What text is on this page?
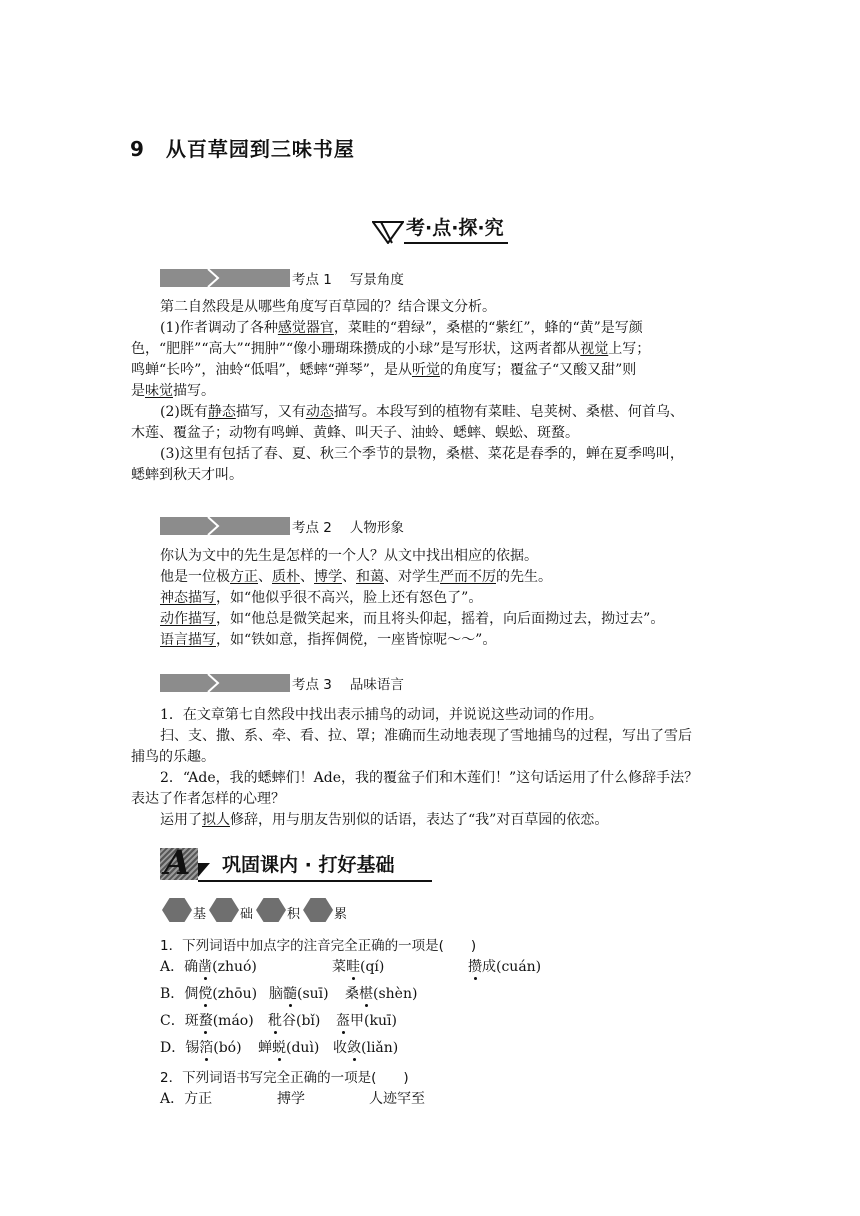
9　从百草园到三味书屋
考·点·探·究
考点 1 写景角度
第二自然段是从哪些角度写百草园的？结合课文分析。
(1)作者调动了各种感觉器官，菜畦的“碧绿”，桑椹的“紫红”，蜂的“黄”是写颜
色，“肥胖”“高大”“拥肿”“像小珊瑚珠攒成的小球”是写形状，这两者都从视觉上写；
鸣蝉“长吟”，油蛉“低唱”，蟋蟀“弹琴”，是从听觉的角度写；覆盆子“又酸又甜”则
是味觉描写。
(2)既有静态描写，又有动态描写。本段写到的植物有菜畦、皂荚树、桑椹、何首乌、
木莲、覆盆子；动物有鸣蝉、黄蜂、叫天子、油蛉、蟋蟀、蜈蚣、斑蝥。
(3)这里有包括了春、夏、秋三个季节的景物，桑椹、菜花是春季的，蝉在夏季鸣叫，
蟋蟀到秋天才叫。
考点 2 人物形象
你认为文中的先生是怎样的一个人？从文中找出相应的依据。
他是一位极方正、质朴、博学、和蔼、对学生严而不厉的先生。
神态描写，如“他似乎很不高兴，脸上还有怒色了”。
动作描写，如“他总是微笑起来，而且将头仰起，摇着，向后面拗过去，拗过去”。
语言描写，如“铁如意，指挥倜傥，一座皆惊呢～～”。
考点 3 品味语言
1．在文章第七自然段中找出表示捕鸟的动词，并说说这些动词的作用。
扫、支、撒、系、牵、看、拉、罩；准确而生动地表现了雪地捕鸟的过程，写出了雪后
捕鸟的乐趣。
2．“Ade，我的蟋蟀们！Ade，我的覆盆子们和木莲们！”这句话运用了什么修辞手法？
表达了作者怎样的心理？
运用了拟人修辞，用与朋友告别似的话语，表达了“我”对百草园的依恋。
A 巩固课内 · 打好基础
基	础	积	累
1．下列词语中加点字的注音完全正确的一项是(　　)
A．确凿(zhuó)	菜畦(qí)	攒成(cuán)
B．倜傥(zhōu) 脑髓(suī) 桑椹(shèn)
C．斑蝥(máo) 秕谷(bǐ) 盔甲(kuī)
D．锡箔(bó) 蝉蜕(duì) 收敛(liǎn)
2．下列词语书写完全正确的一项是(　　)
A．方正	搏学	人迹罕至
